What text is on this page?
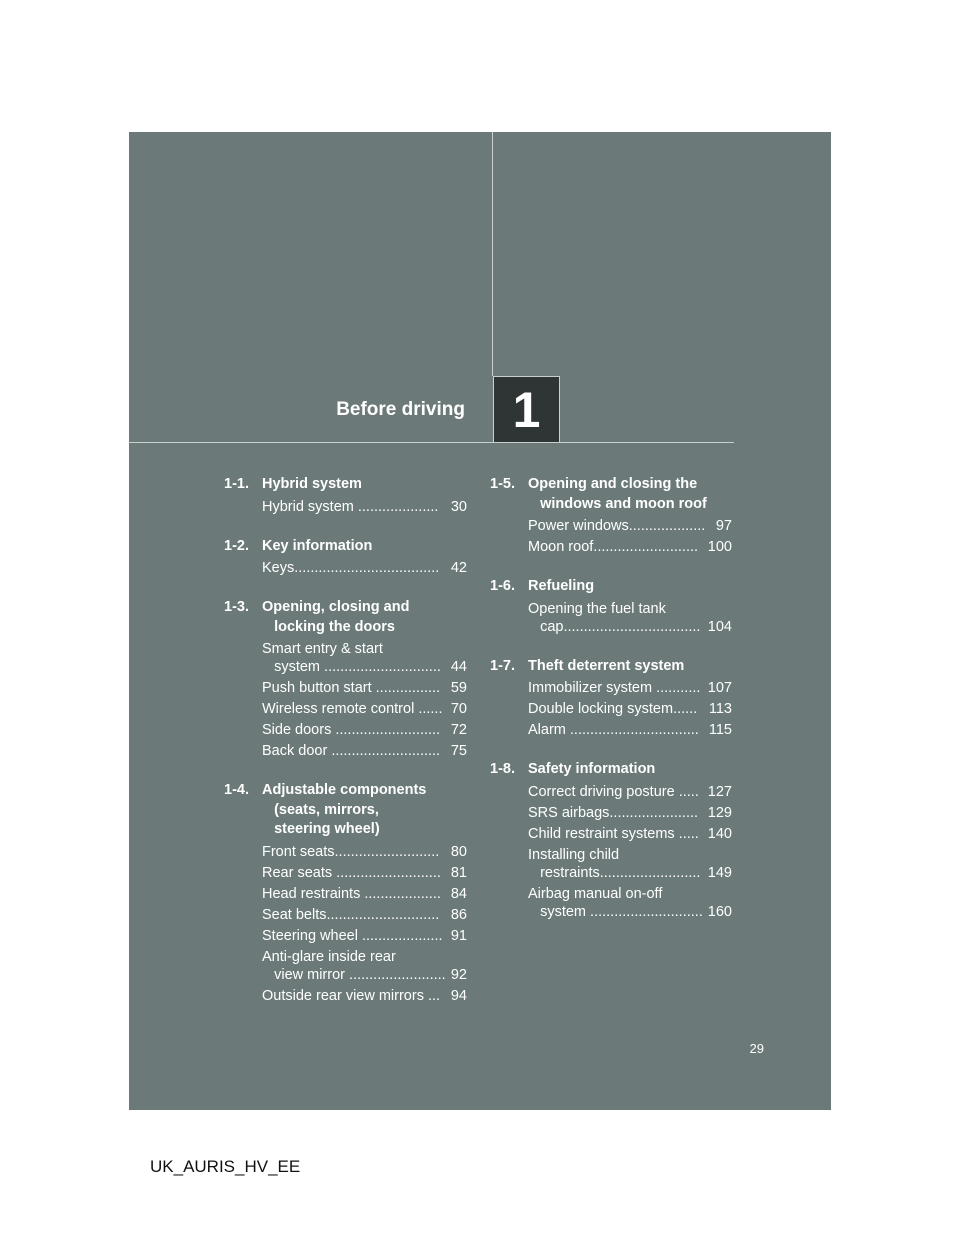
Before driving 1
1-1. Hybrid system
Hybrid system .................... 30
1-2. Key information
Keys.................................... 42
1-3. Opening, closing and
locking the doors
Smart entry & start
system ............................. 44
Push button start ................ 59
Wireless remote control ...... 70
Side doors .......................... 72
Back door ........................... 75
1-4. Adjustable components
(seats, mirrors,
steering wheel)
Front seats.......................... 80
Rear seats .......................... 81
Head restraints ................... 84
Seat belts............................ 86
Steering wheel .................... 91
Anti-glare inside rear
view mirror ........................ 92
Outside rear view mirrors ... 94
1-5. Opening and closing the
windows and moon roof
Power windows................... 97
Moon roof.......................... 100
1-6. Refueling
Opening the fuel tank
cap.................................. 104
1-7. Theft deterrent system
Immobilizer system ........... 107
Double locking system...... 113
Alarm ................................ 115
1-8. Safety information
Correct driving posture ..... 127
SRS airbags...................... 129
Child restraint systems ..... 140
Installing child
restraints......................... 149
Airbag manual on-off
system ............................ 160
29
UK_AURIS_HV_EE
